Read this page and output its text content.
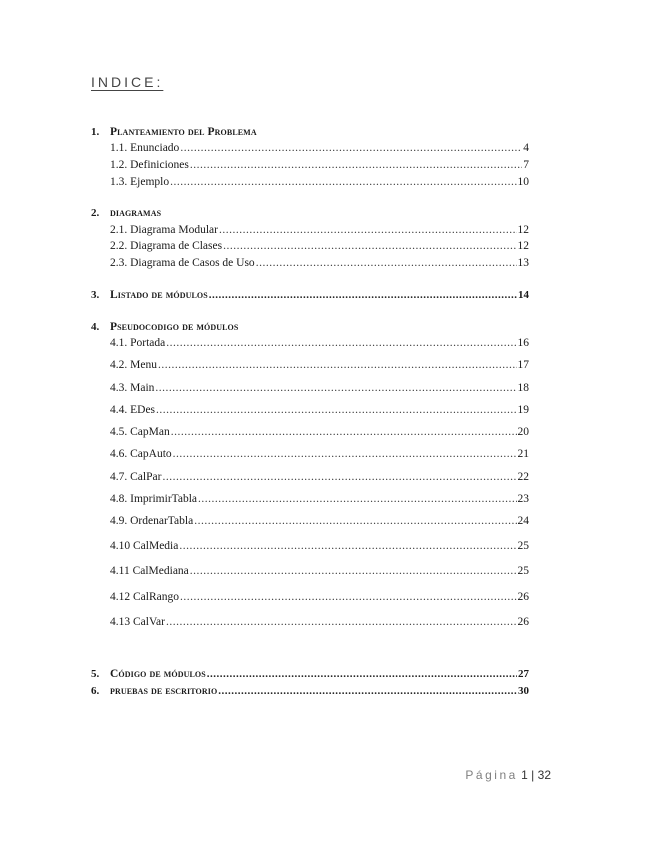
INDICE:
1. Planteamiento del Problema
1.1. Enunciado .....	4
1.2. Definiciones .....	7
1.3. Ejemplo .....	10
2. diagramas
2.1. Diagrama Modular .....	12
2.2. Diagrama de Clases .....	12
2.3. Diagrama de Casos de Uso .....	13
3. Listado de módulos .....	14
4. Pseudocodigo de módulos
4.1. Portada .....	16
4.2. Menu .....	17
4.3. Main .....	18
4.4. EDes .....	19
4.5. CapMan .....	20
4.6. CapAuto .....	21
4.7. CalPar .....	22
4.8. ImprimirTabla .....	23
4.9. OrdenarTabla .....	24
4.10 CalMedia .....	25
4.11 CalMediana .....	25
4.12 CalRango .....	26
4.13 CalVar .....	26
5. Código de módulos .....	27
6. pruebas de escritorio .....	30
Página 1 | 32
